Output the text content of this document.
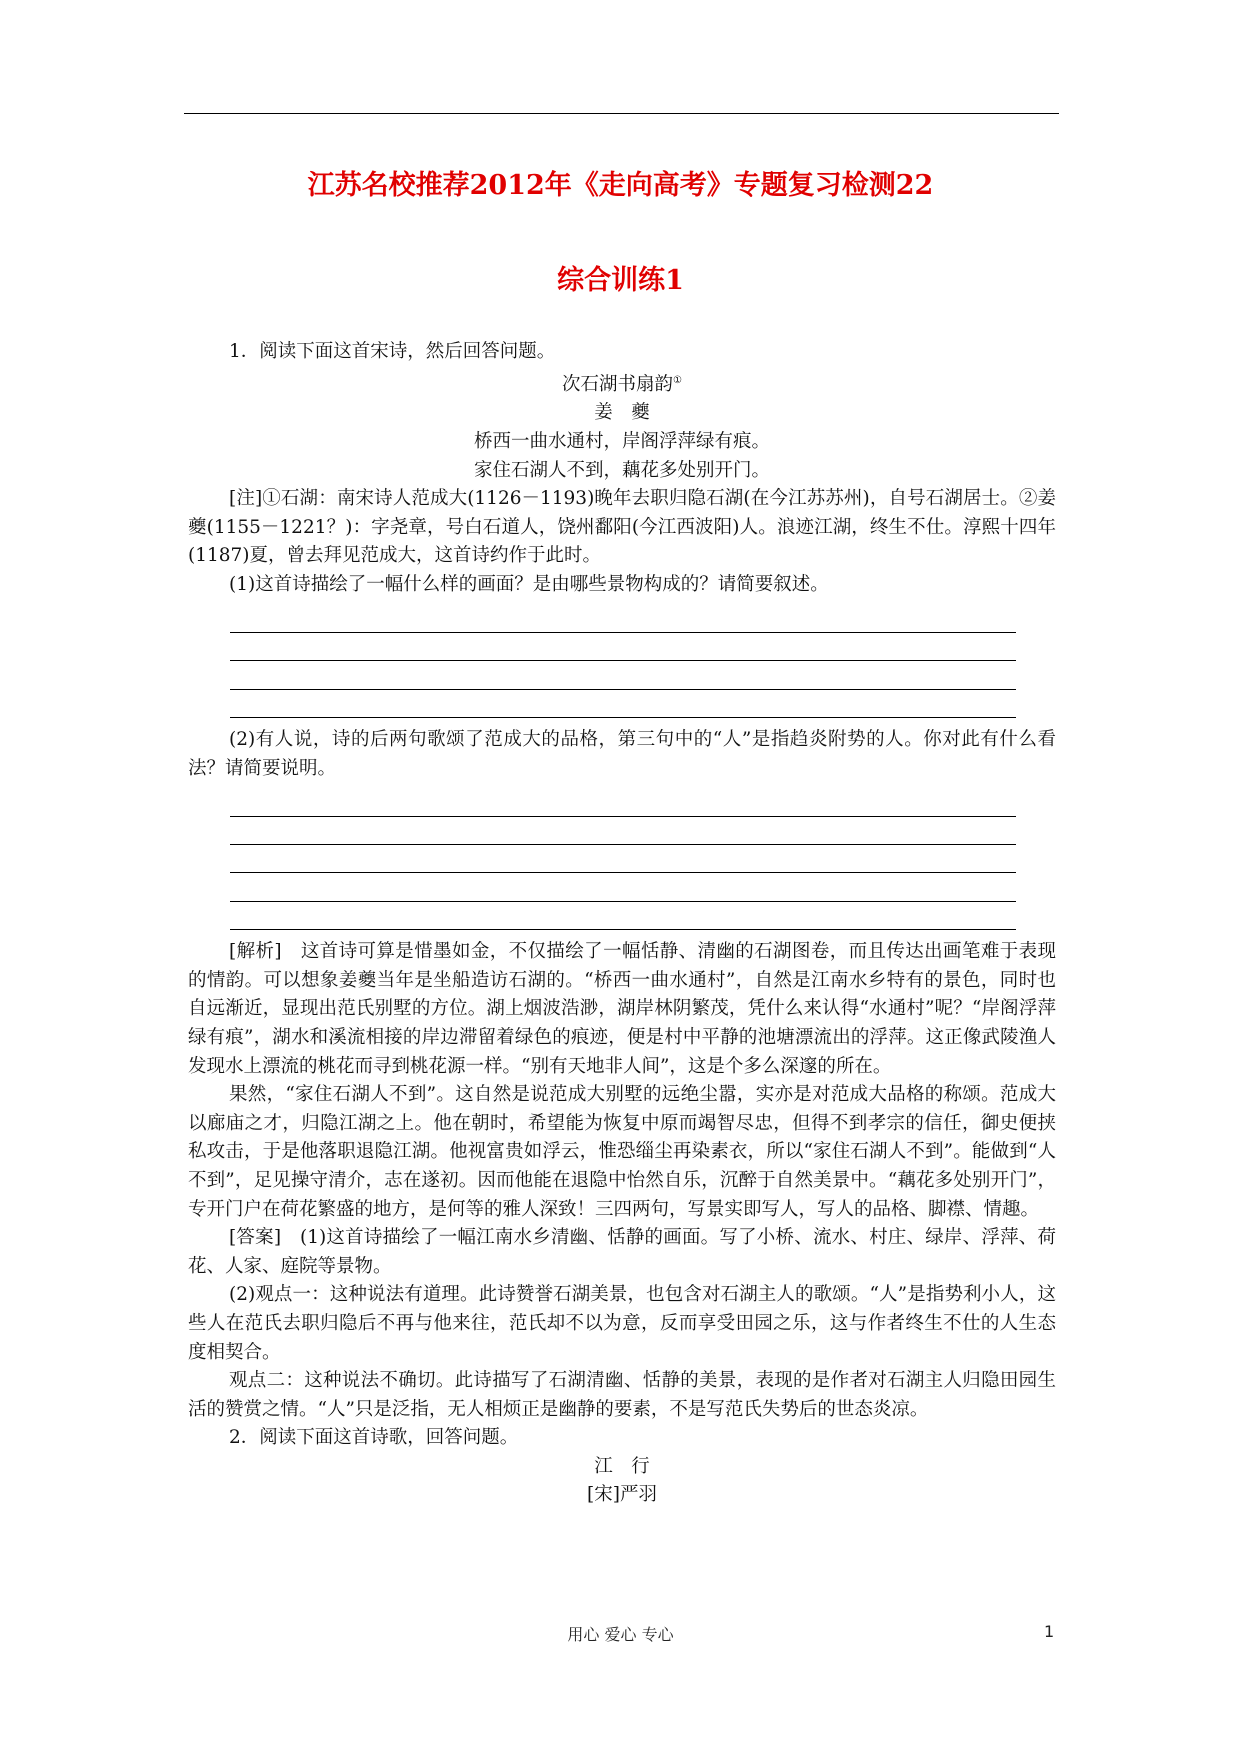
江苏名校推荐2012年《走向高考》专题复习检测22
综合训练1

1．阅读下面这首宋诗，然后回答问题。

次石湖书扇韵①
姜　夔
桥西一曲水通村，岸阁浮萍绿有痕。
家住石湖人不到，藕花多处别开门。

[注]①石湖：南宋诗人范成大(1126－1193)晚年去职归隐石湖(在今江苏苏州)，自号石湖居士。②姜夔(1155－1221？)：字尧章，号白石道人，饶州鄱阳(今江西波阳)人。浪迹江湖，终生不仕。淳熙十四年(1187)夏，曾去拜见范成大，这首诗约作于此时。

(1)这首诗描绘了一幅什么样的画面？是由哪些景物构成的？请简要叙述。

(2)有人说，诗的后两句歌颂了范成大的品格，第三句中的“人”是指趋炎附势的人。你对此有什么看法？请简要说明。

[解析]　这首诗可算是惜墨如金，不仅描绘了一幅恬静、清幽的石湖图卷，而且传达出画笔难于表现的情韵。可以想象姜夔当年是坐船造访石湖的。“桥西一曲水通村”，自然是江南水乡特有的景色，同时也自远渐近，显现出范氏别墅的方位。湖上烟波浩渺，湖岸林阴繁茂，凭什么来认得“水通村”呢？“岸阁浮萍绿有痕”，湖水和溪流相接的岸边滞留着绿色的痕迹，便是村中平静的池塘漂流出的浮萍。这正像武陵渔人发现水上漂流的桃花而寻到桃花源一样。“别有天地非人间”，这是个多么深邃的所在。

果然，“家住石湖人不到”。这自然是说范成大别墅的远绝尘嚣，实亦是对范成大品格的称颂。范成大以廊庙之才，归隐江湖之上。他在朝时，希望能为恢复中原而竭智尽忠，但得不到孝宗的信任，御史便挟私攻击，于是他落职退隐江湖。他视富贵如浮云，惟恐缁尘再染素衣，所以“家住石湖人不到”。能做到“人不到”，足见操守清介，志在遂初。因而他能在退隐中怡然自乐，沉醉于自然美景中。“藕花多处别开门”，专开门户在荷花繁盛的地方，是何等的雅人深致！三四两句，写景实即写人，写人的品格、脚襟、情趣。

[答案]　(1)这首诗描绘了一幅江南水乡清幽、恬静的画面。写了小桥、流水、村庄、绿岸、浮萍、荷花、人家、庭院等景物。

(2)观点一：这种说法有道理。此诗赞誉石湖美景，也包含对石湖主人的歌颂。“人”是指势利小人，这些人在范氏去职归隐后不再与他来往，范氏却不以为意，反而享受田园之乐，这与作者终生不仕的人生态度相契合。

观点二：这种说法不确切。此诗描写了石湖清幽、恬静的美景，表现的是作者对石湖主人归隐田园生活的赞赏之情。“人”只是泛指，无人相烦正是幽静的要素，不是写范氏失势后的世态炎凉。

2．阅读下面这首诗歌，回答问题。

江　行
[宋]严羽
用心 爱心 专心	1
